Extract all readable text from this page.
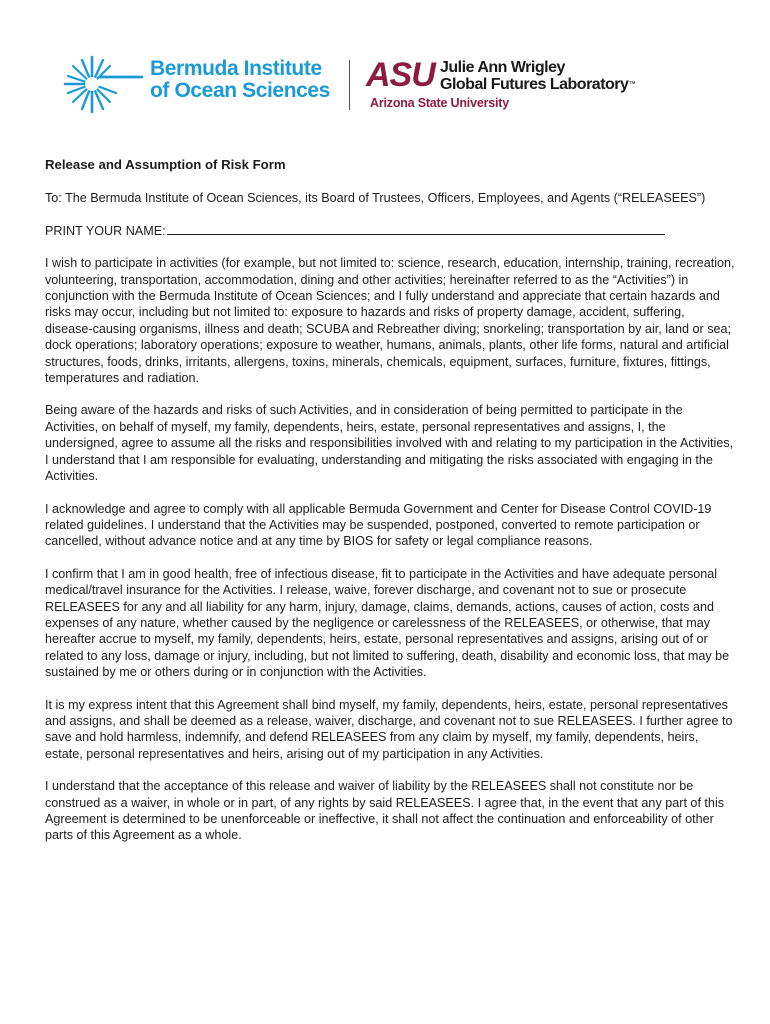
Bermuda Institute
of Ocean Sciences ASU Julie Ann Wrigley
Global Futures Laboratory™
Arizona State University
Release and Assumption of Risk Form

To: The Bermuda Institute of Ocean Sciences, its Board of Trustees, Officers, Employees, and Agents (“RELEASEES”)

PRINT YOUR NAME:

I wish to participate in activities (for example, but not limited to: science, research, education, internship, training, recreation, volunteering, transportation, accommodation, dining and other activities; hereinafter referred to as the “Activities”) in conjunction with the Bermuda Institute of Ocean Sciences; and I fully understand and appreciate that certain hazards and risks may occur, including but not limited to: exposure to hazards and risks of property damage, accident, suffering, disease-causing organisms, illness and death; SCUBA and Rebreather diving; snorkeling; transportation by air, land or sea; dock operations; laboratory operations; exposure to weather, humans, animals, plants, other life forms, natural and artificial structures, foods, drinks, irritants, allergens, toxins, minerals, chemicals, equipment, surfaces, furniture, fixtures, fittings, temperatures and radiation.

Being aware of the hazards and risks of such Activities, and in consideration of being permitted to participate in the Activities, on behalf of myself, my family, dependents, heirs, estate, personal representatives and assigns, I, the undersigned, agree to assume all the risks and responsibilities involved with and relating to my participation in the Activities, I understand that I am responsible for evaluating, understanding and mitigating the risks associated with engaging in the Activities.

I acknowledge and agree to comply with all applicable Bermuda Government and Center for Disease Control COVID-19 related guidelines. I understand that the Activities may be suspended, postponed, converted to remote participation or cancelled, without advance notice and at any time by BIOS for safety or legal compliance reasons.

I confirm that I am in good health, free of infectious disease, fit to participate in the Activities and have adequate personal medical/travel insurance for the Activities. I release, waive, forever discharge, and covenant not to sue or prosecute RELEASEES for any and all liability for any harm, injury, damage, claims, demands, actions, causes of action, costs and expenses of any nature, whether caused by the negligence or carelessness of the RELEASEES, or otherwise, that may hereafter accrue to myself, my family, dependents, heirs, estate, personal representatives and assigns, arising out of or related to any loss, damage or injury, including, but not limited to suffering, death, disability and economic loss, that may be sustained by me or others during or in conjunction with the Activities.

It is my express intent that this Agreement shall bind myself, my family, dependents, heirs, estate, personal representatives and assigns, and shall be deemed as a release, waiver, discharge, and covenant not to sue RELEASEES. I further agree to save and hold harmless, indemnify, and defend RELEASEES from any claim by myself, my family, dependents, heirs, estate, personal representatives and heirs, arising out of my participation in any Activities.

I understand that the acceptance of this release and waiver of liability by the RELEASEES shall not constitute nor be construed as a waiver, in whole or in part, of any rights by said RELEASEES. I agree that, in the event that any part of this Agreement is determined to be unenforceable or ineffective, it shall not affect the continuation and enforceability of other parts of this Agreement as a whole.
